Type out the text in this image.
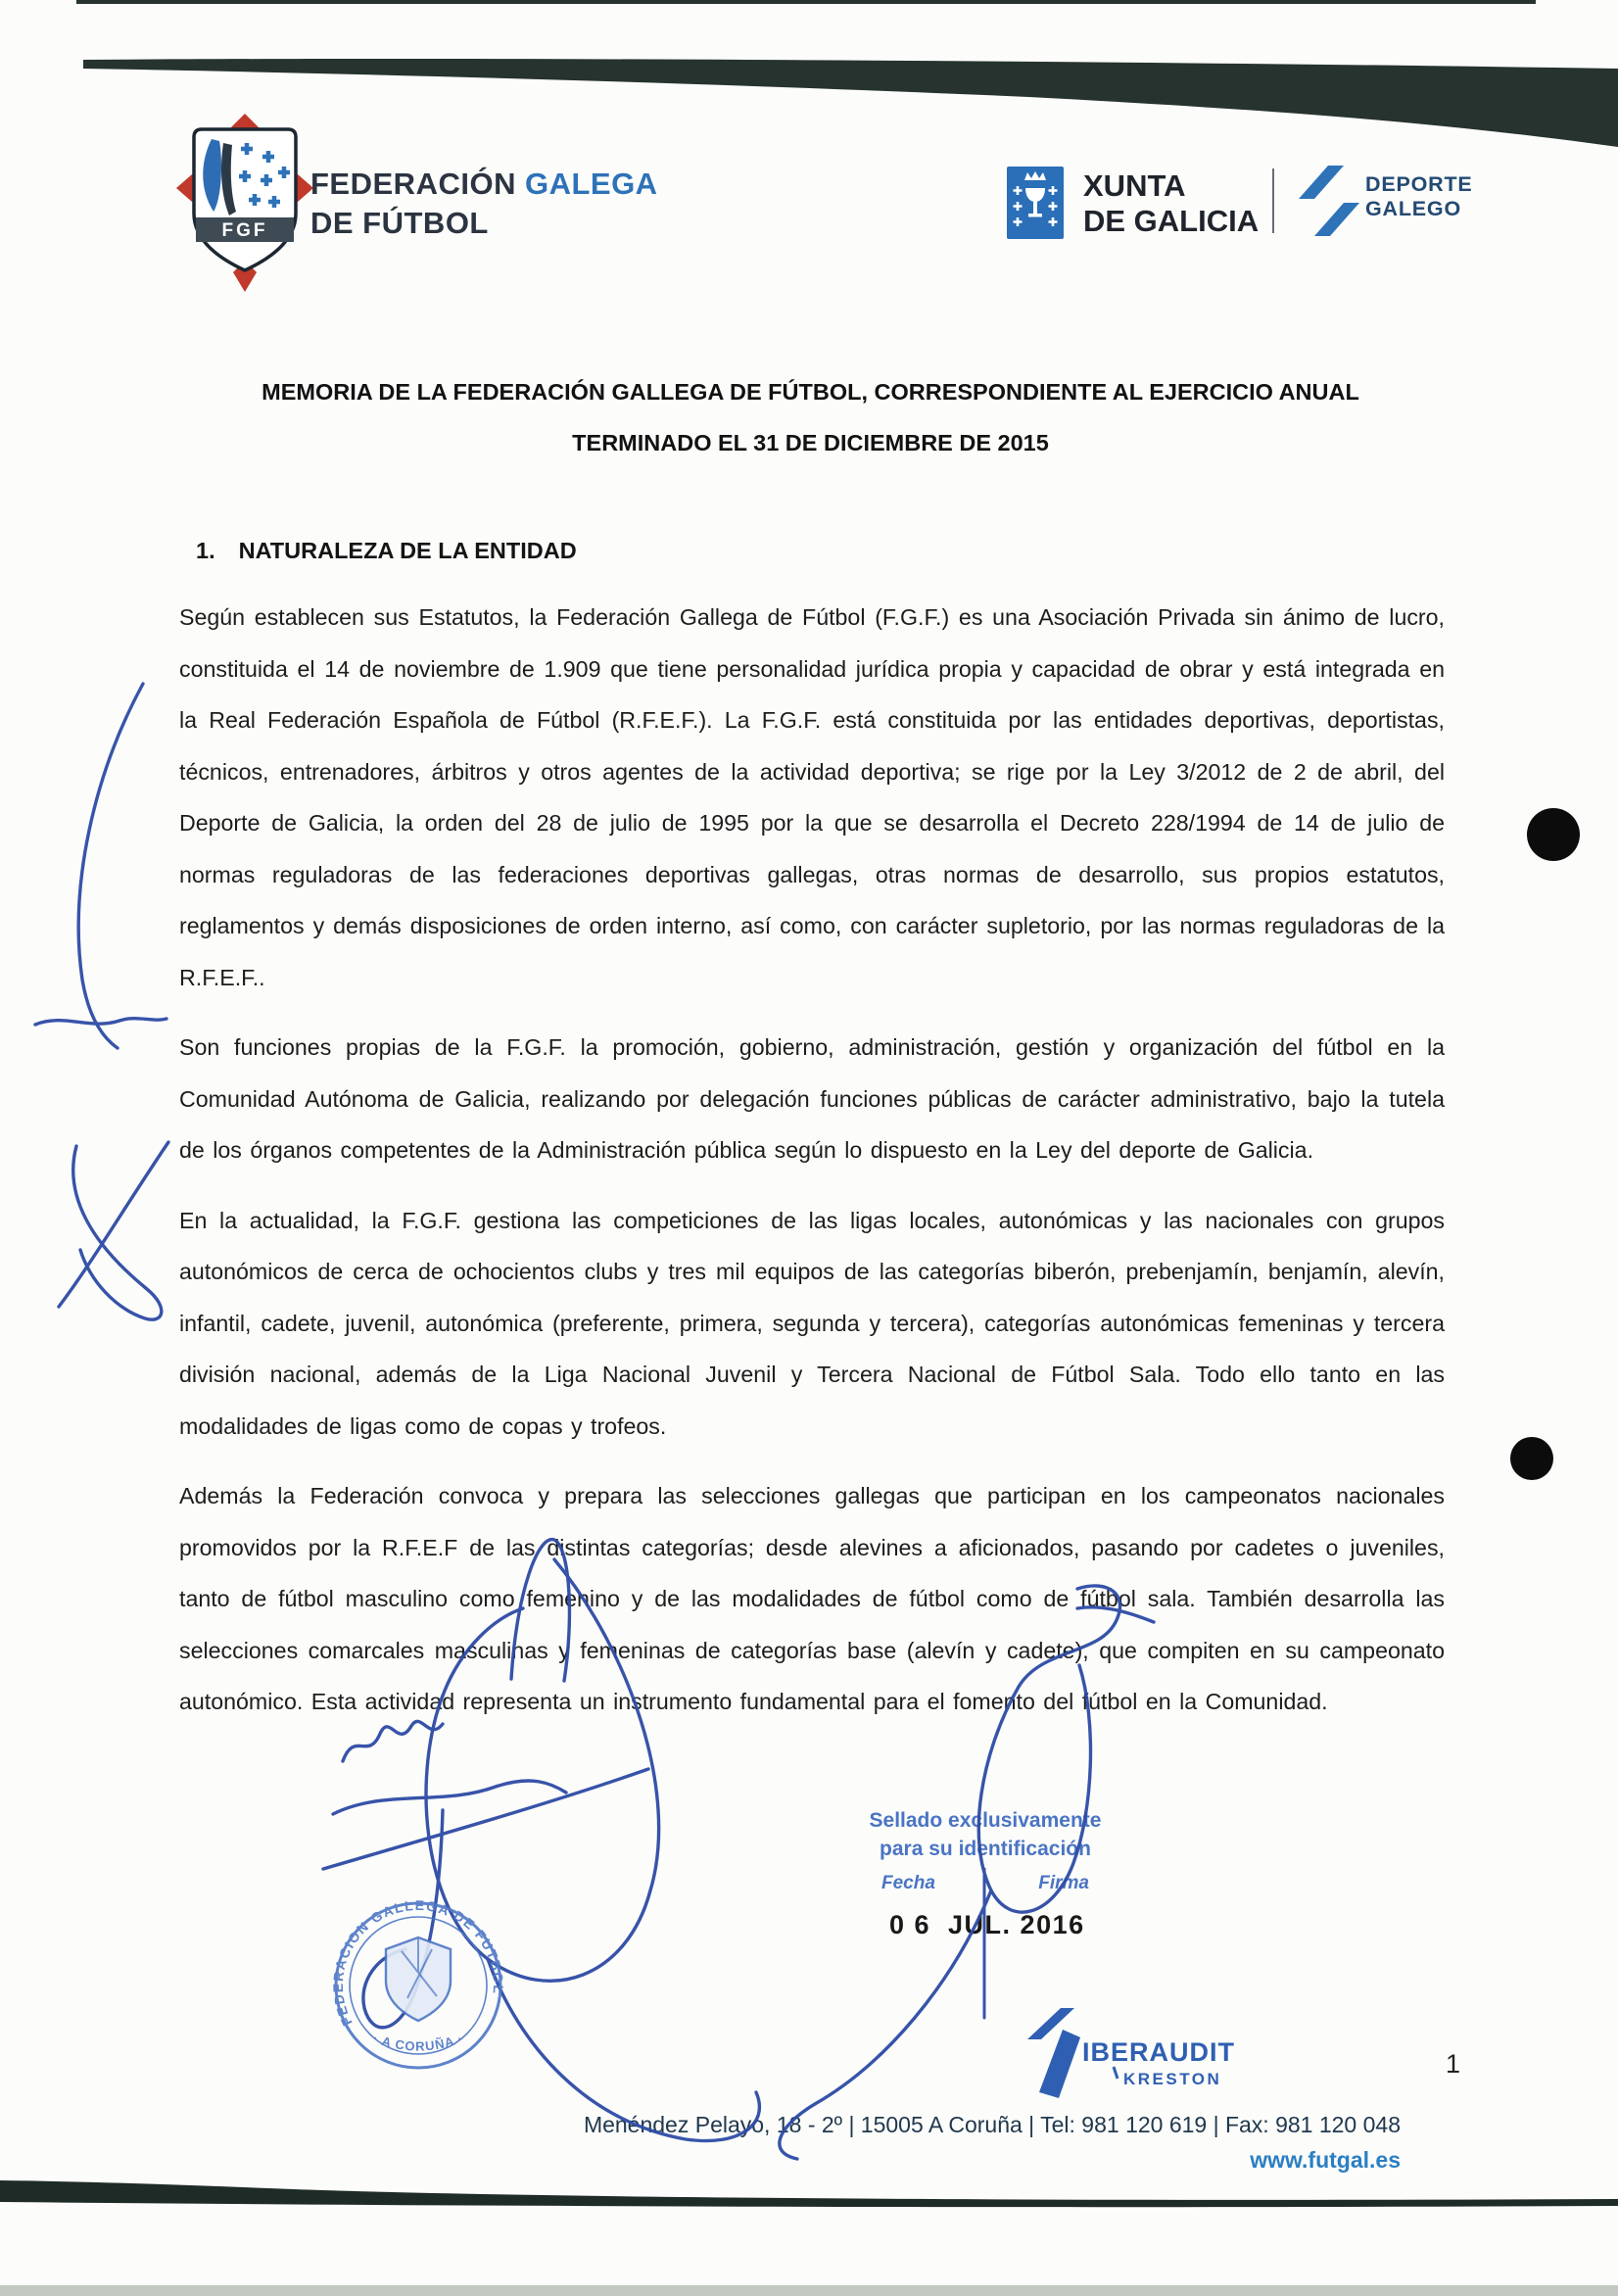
FGF
FEDERACIÓN GALEGA
DE FÚTBOL
XUNTA
DE GALICIA
DEPORTE
GALEGO
MEMORIA DE LA FEDERACIÓN GALLEGA DE FÚTBOL, CORRESPONDIENTE AL EJERCICIO ANUAL
TERMINADO EL 31 DE DICIEMBRE DE 2015
1. NATURALEZA DE LA ENTIDAD

Según establecen sus Estatutos, la Federación Gallega de Fútbol (F.G.F.) es una Asociación Privada sin ánimo de lucro, constituida el 14 de noviembre de 1.909 que tiene personalidad jurídica propia y capacidad de obrar y está integrada en la Real Federación Española de Fútbol (R.F.E.F.). La F.G.F. está constituida por las entidades deportivas, deportistas, técnicos, entrenadores, árbitros y otros agentes de la actividad deportiva; se rige por la Ley 3/2012 de 2 de abril, del Deporte de Galicia, la orden del 28 de julio de 1995 por la que se desarrolla el Decreto 228/1994 de 14 de julio de normas reguladoras de las federaciones deportivas gallegas, otras normas de desarrollo, sus propios estatutos, reglamentos y demás disposiciones de orden interno, así como, con carácter supletorio, por las normas reguladoras de la R.F.E.F..

Son funciones propias de la F.G.F. la promoción, gobierno, administración, gestión y organización del fútbol en la Comunidad Autónoma de Galicia, realizando por delegación funciones públicas de carácter administrativo, bajo la tutela de los órganos competentes de la Administración pública según lo dispuesto en la Ley del deporte de Galicia.

En la actualidad, la F.G.F. gestiona las competiciones de las ligas locales, autonómicas y las nacionales con grupos autonómicos de cerca de ochocientos clubs y tres mil equipos de las categorías biberón, prebenjamín, benjamín, alevín, infantil, cadete, juvenil, autonómica (preferente, primera, segunda y tercera), categorías autonómicas femeninas y tercera división nacional, además de la Liga Nacional Juvenil y Tercera Nacional de Fútbol Sala. Todo ello tanto en las modalidades de ligas como de copas y trofeos.

Además la Federación convoca y prepara las selecciones gallegas que participan en los campeonatos nacionales promovidos por la R.F.E.F de las distintas categorías; desde alevines a aficionados, pasando por cadetes o juveniles, tanto de fútbol masculino como femenino y de las modalidades de fútbol como de fútbol sala. También desarrolla las selecciones comarcales masculinas y femeninas de categorías base (alevín y cadete), que compiten en su campeonato autonómico. Esta actividad representa un instrumento fundamental para el fomento del fútbol en la Comunidad.

Sellado exclusivamente
para su identificación
Fecha	Firma
0 6  JUL. 2016
IBERAUDIT
KRESTON
1
Menéndez Pelayo, 18 - 2º | 15005 A Coruña | Tel: 981 120 619 | Fax: 981 120 048
www.futgal.es
FEDERACION GALLEGA DE FUTBOL
· A CORUÑA ·
